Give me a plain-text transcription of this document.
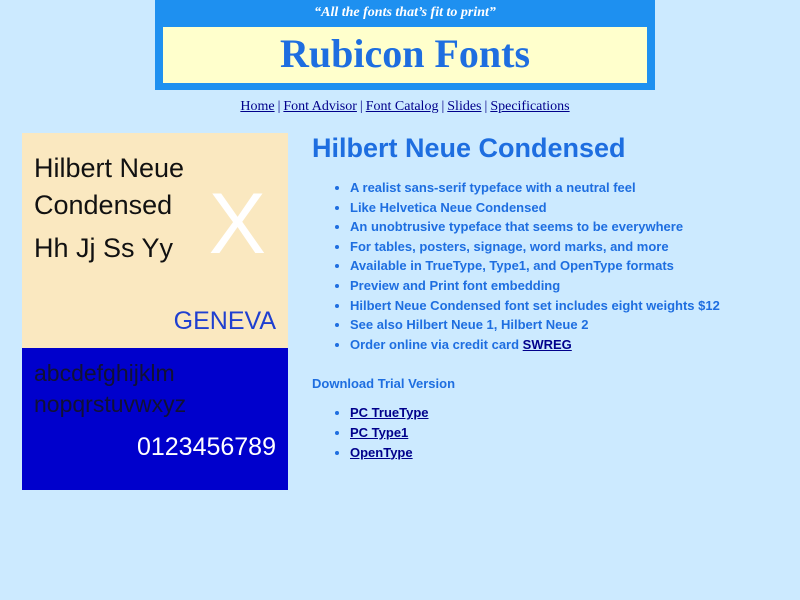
“All the fonts that’s fit to print”
Rubicon Fonts
Home | Font Advisor | Font Catalog | Slides | Specifications
Hilbert Neue
Condensed
Hh Jj Ss Yy X
GENEVA
abcdefghijklm
nopqrstuvwxyz
0123456789
Hilbert Neue Condensed
• A realist sans-serif typeface with a neutral feel
• Like Helvetica Neue Condensed
• An unobtrusive typeface that seems to be everywhere
• For tables, posters, signage, word marks, and more
• Available in TrueType, Type1, and OpenType formats
• Preview and Print font embedding
• Hilbert Neue Condensed font set includes eight weights $12
• See also Hilbert Neue 1, Hilbert Neue 2
• Order online via credit card SWREG
Download Trial Version
• PC TrueType
• PC Type1
• OpenType
